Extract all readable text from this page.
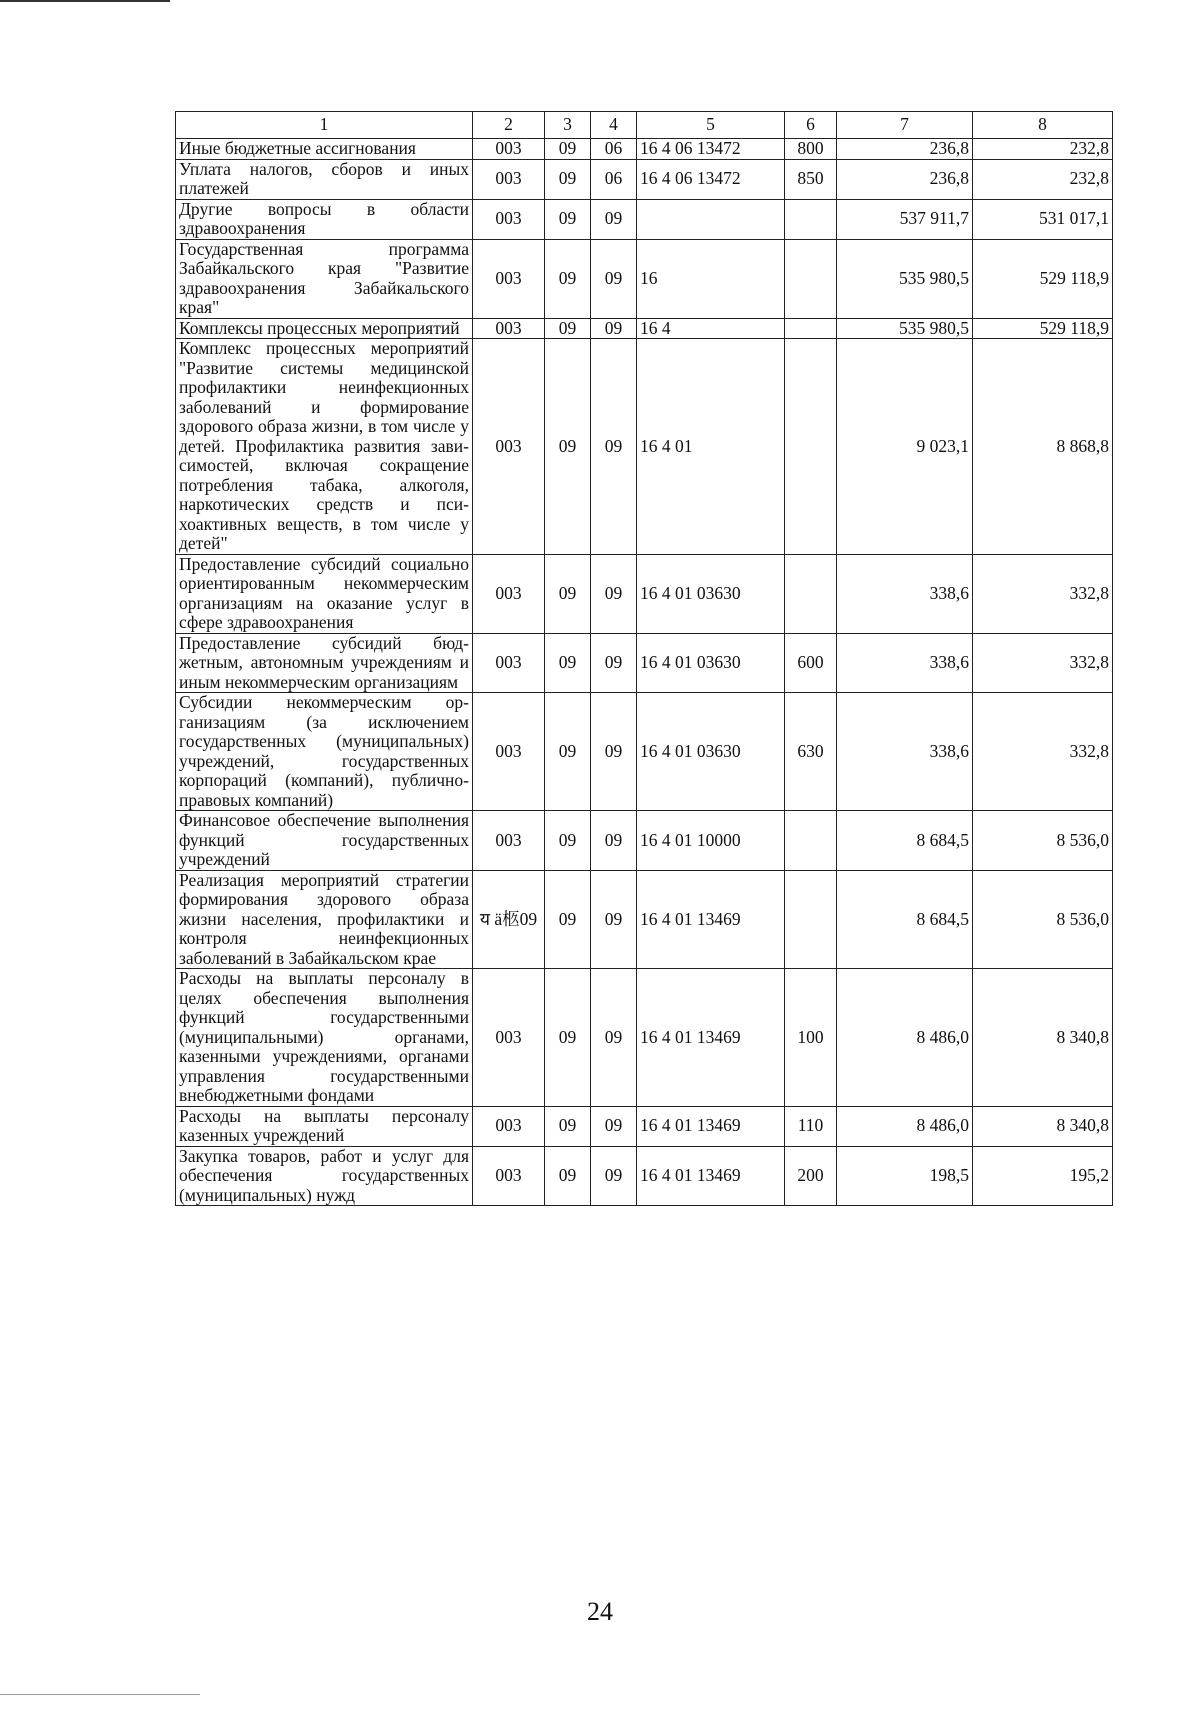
1	2	3	4	5	6	7	8
Иные бюджетные ассигнования	003	09	06	16 4 06 13472	800	236,8	232,8
Уплата налогов, сборов и иных платежей	003	09	06	16 4 06 13472	850	236,8	232,8
Другие вопросы в области здравоохранения	003	09	09			537 911,7	531 017,1
Государственная программа Забайкальского края "Развитие здравоохранения Забайкальского края"	003	09	09	16		535 980,5	529 118,9
Комплексы процессных мероприятий	003	09	09	16 4		535 980,5	529 118,9
Комплекс процессных мероприятий "Развитие системы медицинской профилактики неинфекционных заболеваний и формирование здорового образа жизни, в том числе у детей. Профилактика развития зависимостей, включая сокращение потребления табака, алкоголя, наркотических средств и психоактивных веществ, в том числе у детей"	003	09	09	16 4 01		9 023,1	8 868,8
Предоставление субсидий социально ориентированным некоммерческим организациям на оказание услуг в сфере здравоохранения	003	09	09	16 4 01 03630		338,6	332,8
Предоставление субсидий бюджетным, автономным учреждениям и иным некоммерческим организациям	003	09	09	16 4 01 03630	600	338,6	332,8
Субсидии некоммерческим организациям (за исключением государственных (муниципальных) учреждений, государственных корпораций (компаний), публично-правовых компаний)	003	09	09	16 4 01 03630	630	338,6	332,8
Финансовое обеспечение выполнения функций государственных учреждений	003	09	09	16 4 01 10000		8 684,5	8 536,0
Реализация мероприятий стратегии формирования здорового образа жизни населения, профилактики и контроля неинфекционных заболеваний в Забайкальском крае	य ä柩09	09	09	16 4 01 13469		8 684,5	8 536,0
Расходы на выплаты персоналу в целях обеспечения выполнения функций государственными (муниципальными) органами, казенными учреждениями, органами управления государственными внебюджетными фондами	003	09	09	16 4 01 13469	100	8 486,0	8 340,8
Расходы на выплаты персоналу казенных учреждений	003	09	09	16 4 01 13469	110	8 486,0	8 340,8
Закупка товаров, работ и услуг для обеспечения государственных (муниципальных) нужд	003	09	09	16 4 01 13469	200	198,5	195,2
24
